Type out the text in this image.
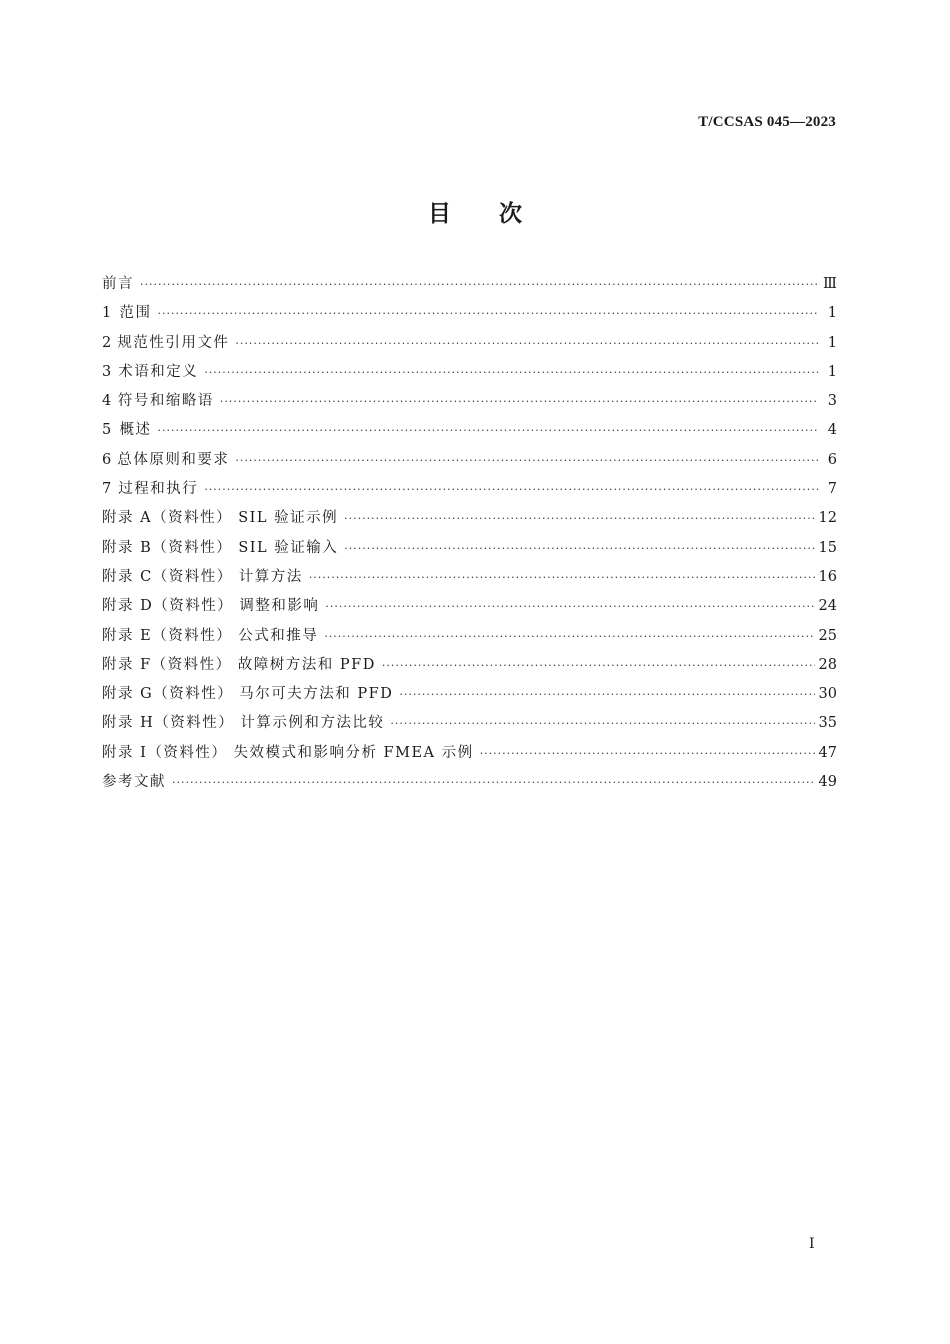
T/CCSAS 045—2023
目次
前言 ·····	Ⅲ
1 范围 ·····	1
2 规范性引用文件 ·····	1
3 术语和定义 ·····	1
4 符号和缩略语 ·····	3
5 概述 ·····	4
6 总体原则和要求 ·····	6
7 过程和执行 ·····	7
附录 A（资料性） SIL 验证示例 ·····	12
附录 B（资料性） SIL 验证输入 ·····	15
附录 C（资料性） 计算方法 ·····	16
附录 D（资料性） 调整和影响 ·····	24
附录 E（资料性） 公式和推导 ·····	25
附录 F（资料性） 故障树方法和 PFD ·····	28
附录 G（资料性） 马尔可夫方法和 PFD ·····	30
附录 H（资料性） 计算示例和方法比较 ·····	35
附录 I（资料性） 失效模式和影响分析 FMEA 示例 ·····	47
参考文献 ·····	49
I
